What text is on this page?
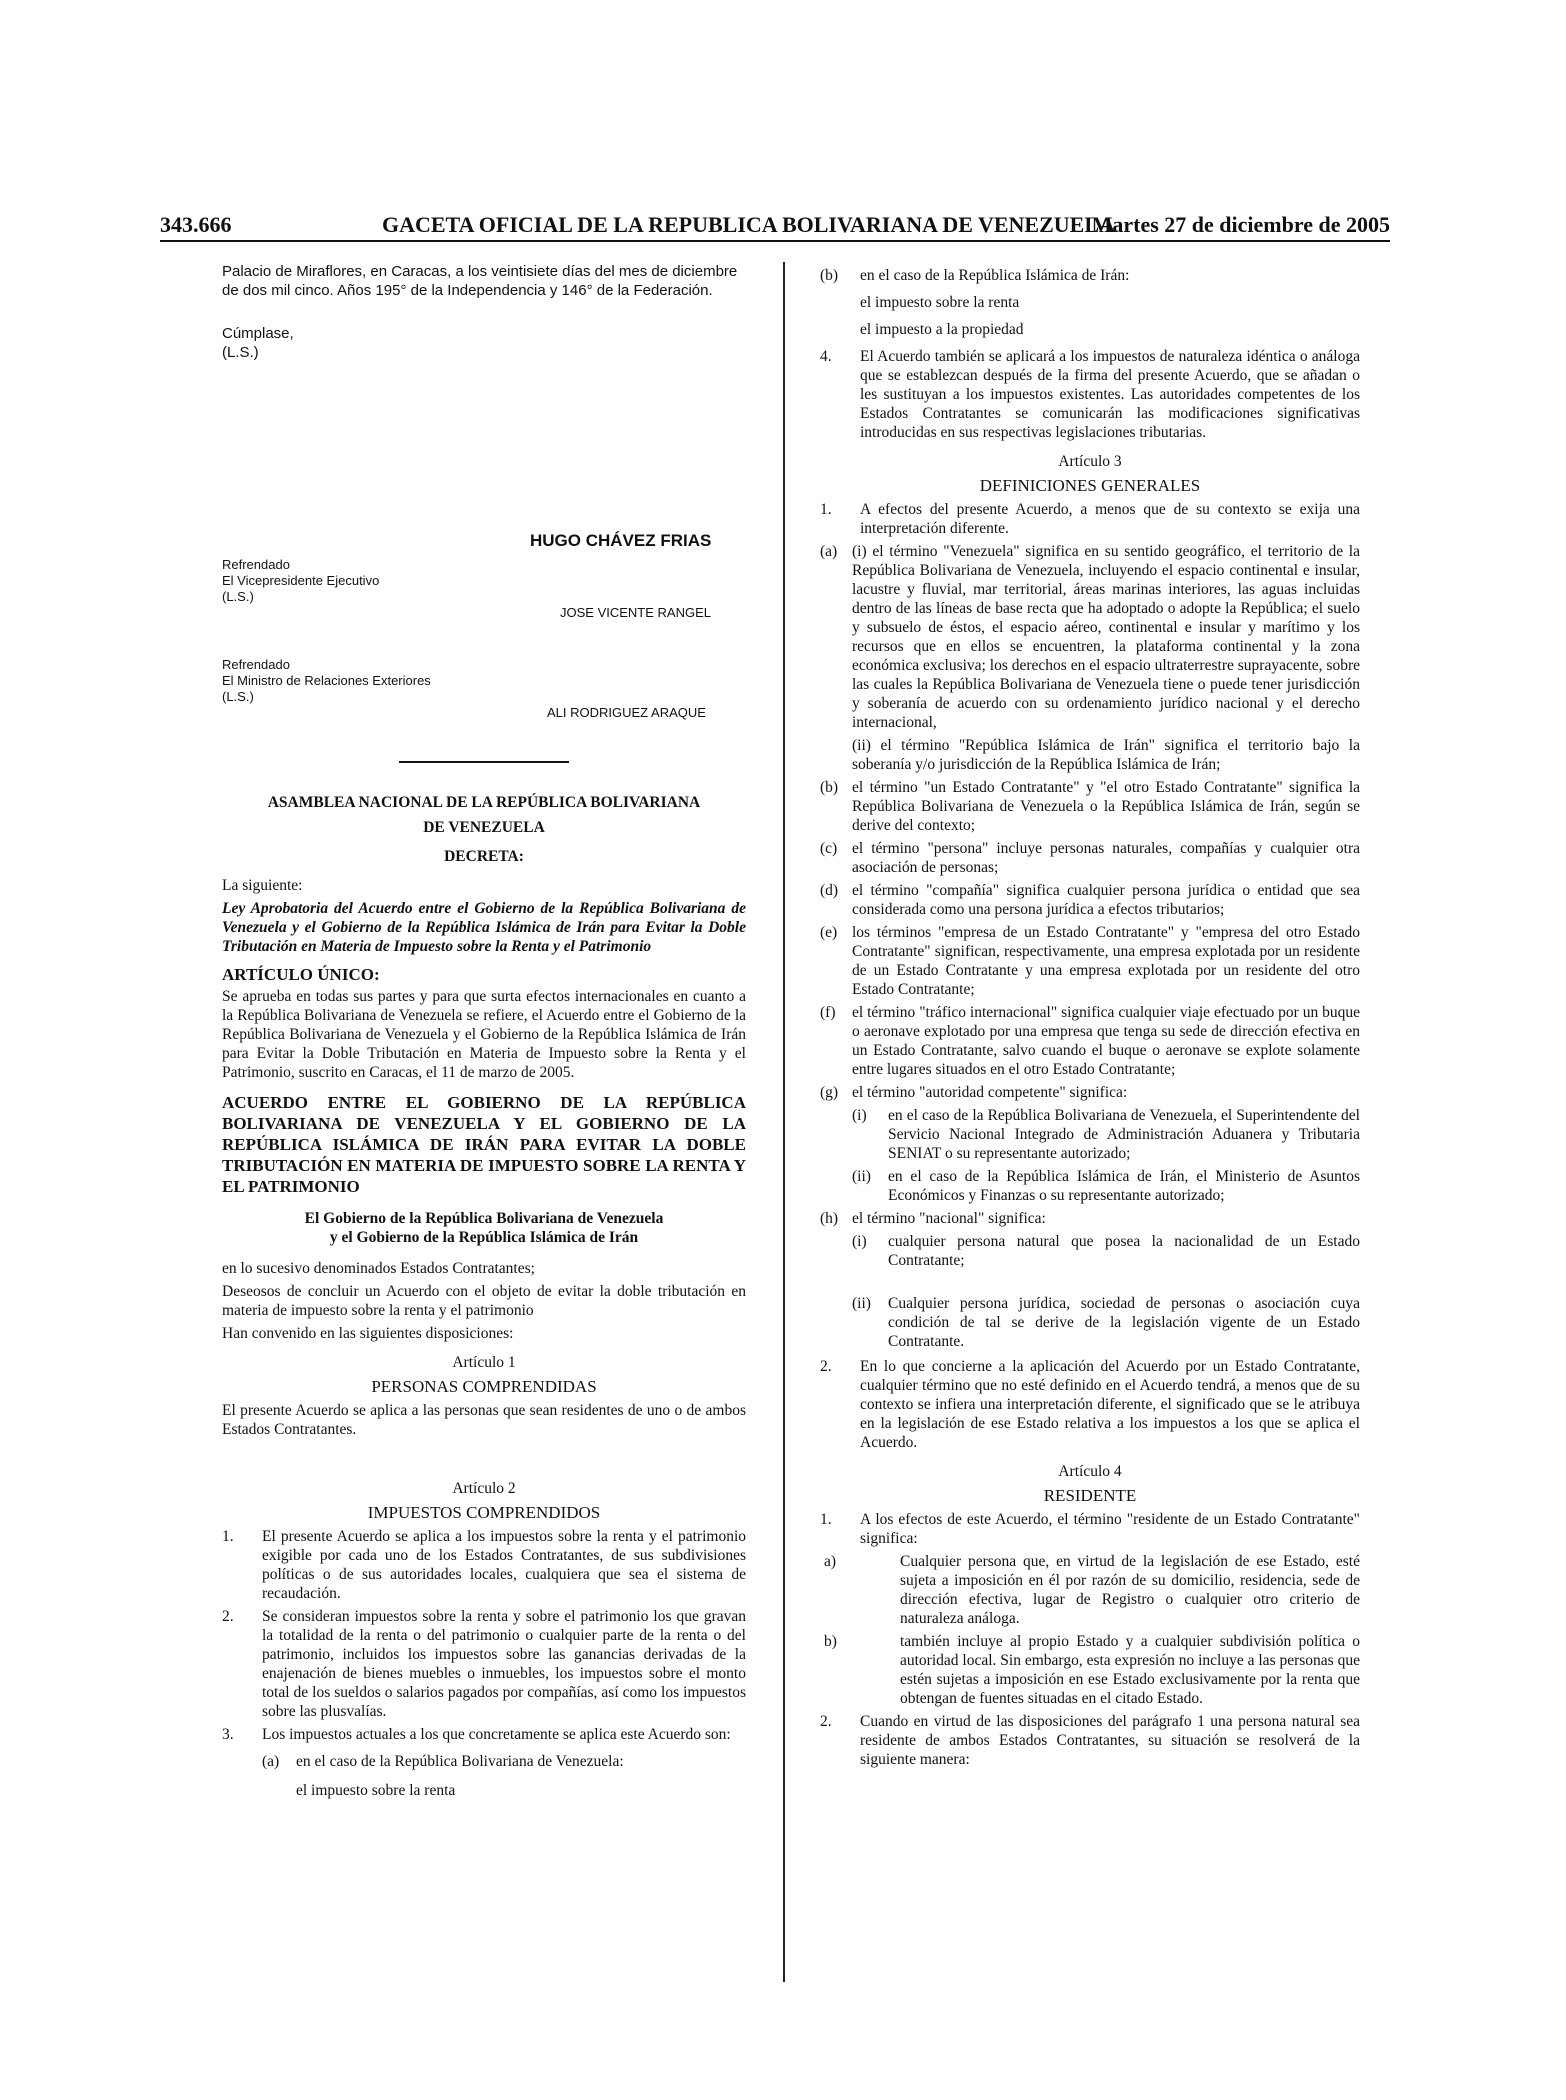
343.666	GACETA OFICIAL DE LA REPUBLICA BOLIVARIANA DE VENEZUELA
Martes 27 de diciembre de 2005

Palacio de Miraflores, en Caracas, a los veintisiete días del mes de diciembre de dos mil cinco. Años 195° de la Independencia y 146° de la Federación.

Cúmplase,

(L.S.)

HUGO CHÁVEZ FRIAS

Refrendado

El Vicepresidente Ejecutivo

(L.S.)

JOSE VICENTE RANGEL

Refrendado

El Ministro de Relaciones Exteriores

(L.S.)

ALI RODRIGUEZ ARAQUE

ASAMBLEA NACIONAL DE LA REPÚBLICA BOLIVARIANA

DE VENEZUELA

DECRETA:

La siguiente:

Ley Aprobatoria del Acuerdo entre el Gobierno de la República Bolivariana de Venezuela y el Gobierno de la República Islámica de Irán para Evitar la Doble Tributación en Materia de Impuesto sobre la Renta y el Patrimonio

ARTÍCULO ÚNICO:

Se aprueba en todas sus partes y para que surta efectos internacionales en cuanto a la República Bolivariana de Venezuela se refiere, el Acuerdo entre el Gobierno de la República Bolivariana de Venezuela y el Gobierno de la República Islámica de Irán para Evitar la Doble Tributación en Materia de Impuesto sobre la Renta y el Patrimonio, suscrito en Caracas, el 11 de marzo de 2005.

ACUERDO ENTRE EL GOBIERNO DE LA REPÚBLICA BOLIVARIANA DE VENEZUELA Y EL GOBIERNO DE LA REPÚBLICA ISLÁMICA DE IRÁN PARA EVITAR LA DOBLE TRIBUTACIÓN EN MATERIA DE IMPUESTO SOBRE LA RENTA Y EL PATRIMONIO

El Gobierno de la República Bolivariana de Venezuela

y el Gobierno de la República Islámica de Irán

en lo sucesivo denominados Estados Contratantes;

Deseosos de concluir un Acuerdo con el objeto de evitar la doble tributación en materia de impuesto sobre la renta y el patrimonio

Han convenido en las siguientes disposiciones:

Artículo 1

PERSONAS COMPRENDIDAS

El presente Acuerdo se aplica a las personas que sean residentes de uno o de ambos Estados Contratantes.

Artículo 2

IMPUESTOS COMPRENDIDOS

1. El presente Acuerdo se aplica a los impuestos sobre la renta y el patrimonio exigible por cada uno de los Estados Contratantes, de sus subdivisiones políticas o de sus autoridades locales, cualquiera que sea el sistema de recaudación.
2. Se consideran impuestos sobre la renta y sobre el patrimonio los que gravan la totalidad de la renta o del patrimonio o cualquier parte de la renta o del patrimonio, incluidos los impuestos sobre las ganancias derivadas de la enajenación de bienes muebles o inmuebles, los impuestos sobre el monto total de los sueldos o salarios pagados por compañías, así como los impuestos sobre las plusvalías.
3. Los impuestos actuales a los que concretamente se aplica este Acuerdo son:
(a) en el caso de la República Bolivariana de Venezuela:

el impuesto sobre la renta

(b) en el caso de la República Islámica de Irán:

el impuesto sobre la renta

el impuesto a la propiedad

4. El Acuerdo también se aplicará a los impuestos de naturaleza idéntica o análoga que se establezcan después de la firma del presente Acuerdo, que se añadan o les sustituyan a los impuestos existentes. Las autoridades competentes de los Estados Contratantes se comunicarán las modificaciones significativas introducidas en sus respectivas legislaciones tributarias.

Artículo 3

DEFINICIONES GENERALES

1. A efectos del presente Acuerdo, a menos que de su contexto se exija una interpretación diferente.
(a) (i) el término "Venezuela" significa en su sentido geográfico, el territorio de la República Bolivariana de Venezuela, incluyendo el espacio continental e insular, lacustre y fluvial, mar territorial, áreas marinas interiores, las aguas incluidas dentro de las líneas de base recta que ha adoptado o adopte la República; el suelo y subsuelo de éstos, el espacio aéreo, continental e insular y marítimo y los recursos que en ellos se encuentren, la plataforma continental y la zona económica exclusiva; los derechos en el espacio ultraterrestre suprayacente, sobre las cuales la República Bolivariana de Venezuela tiene o puede tener jurisdicción y soberanía de acuerdo con su ordenamiento jurídico nacional y el derecho internacional,

(ii) el término "República Islámica de Irán" significa el territorio bajo la soberanía y/o jurisdicción de la República Islámica de Irán;

(b) el término "un Estado Contratante" y "el otro Estado Contratante" significa la República Bolivariana de Venezuela o la República Islámica de Irán, según se derive del contexto;
(c) el término "persona" incluye personas naturales, compañías y cualquier otra asociación de personas;
(d) el término "compañía" significa cualquier persona jurídica o entidad que sea considerada como una persona jurídica a efectos tributarios;
(e) los términos "empresa de un Estado Contratante" y "empresa del otro Estado Contratante" significan, respectivamente, una empresa explotada por un residente de un Estado Contratante y una empresa explotada por un residente del otro Estado Contratante;
(f) el término "tráfico internacional" significa cualquier viaje efectuado por un buque o aeronave explotado por una empresa que tenga su sede de dirección efectiva en un Estado Contratante, salvo cuando el buque o aeronave se explote solamente entre lugares situados en el otro Estado Contratante;
(g) el término "autoridad competente" significa:
(i) en el caso de la República Bolivariana de Venezuela, el Superintendente del Servicio Nacional Integrado de Administración Aduanera y Tributaria SENIAT o su representante autorizado;
(ii) en el caso de la República Islámica de Irán, el Ministerio de Asuntos Económicos y Finanzas o su representante autorizado;
(h) el término "nacional" significa:
(i) cualquier persona natural que posea la nacionalidad de un Estado Contratante;
(ii) Cualquier persona jurídica, sociedad de personas o asociación cuya condición de tal se derive de la legislación vigente de un Estado Contratante.
2. En lo que concierne a la aplicación del Acuerdo por un Estado Contratante, cualquier término que no esté definido en el Acuerdo tendrá, a menos que de su contexto se infiera una interpretación diferente, el significado que se le atribuya en la legislación de ese Estado relativa a los impuestos a los que se aplica el Acuerdo.

Artículo 4

RESIDENTE

1. A los efectos de este Acuerdo, el término "residente de un Estado Contratante" significa:
a)	Cualquier persona que, en virtud de la legislación de ese Estado, esté sujeta a imposición en él por razón de su domicilio, residencia, sede de dirección efectiva, lugar de Registro o cualquier otro criterio de naturaleza análoga.
b)	también incluye al propio Estado y a cualquier subdivisión política o autoridad local. Sin embargo, esta expresión no incluye a las personas que estén sujetas a imposición en ese Estado exclusivamente por la renta que obtengan de fuentes situadas en el citado Estado.
2. Cuando en virtud de las disposiciones del parágrafo 1 una persona natural sea residente de ambos Estados Contratantes, su situación se resolverá de la siguiente manera:
